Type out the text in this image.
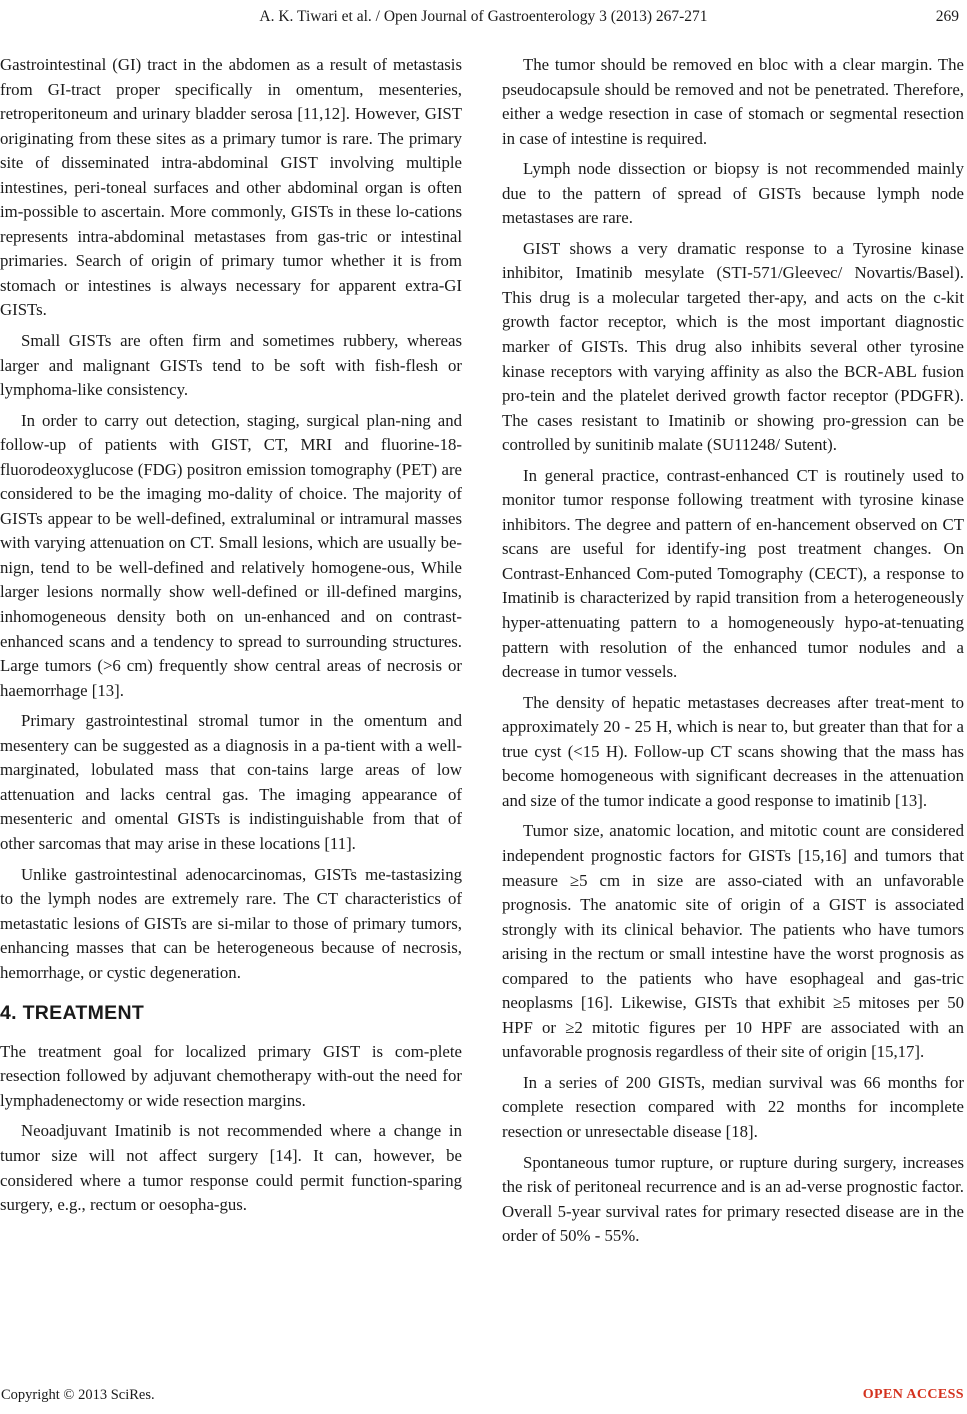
A. K. Tiwari et al. / Open Journal of Gastroenterology 3 (2013) 267-271	269

Gastrointestinal (GI) tract in the abdomen as a result of metastasis from GI-tract proper specifically in omentum, mesenteries, retroperitoneum and urinary bladder serosa [11,12]. However, GIST originating from these sites as a primary tumor is rare. The primary site of disseminated intra-abdominal GIST involving multiple intestines, peri-toneal surfaces and other abdominal organ is often im-possible to ascertain. More commonly, GISTs in these lo-cations represents intra-abdominal metastases from gas-tric or intestinal primaries. Search of origin of primary tumor whether it is from stomach or intestines is always necessary for apparent extra-GI GISTs.

Small GISTs are often firm and sometimes rubbery, whereas larger and malignant GISTs tend to be soft with fish-flesh or lymphoma-like consistency.

In order to carry out detection, staging, surgical plan-ning and follow-up of patients with GIST, CT, MRI and fluorine-18-fluorodeoxyglucose (FDG) positron emission tomography (PET) are considered to be the imaging mo-dality of choice. The majority of GISTs appear to be well-defined, extraluminal or intramural masses with varying attenuation on CT. Small lesions, which are usually be-nign, tend to be well-defined and relatively homogene-ous, While larger lesions normally show well-defined or ill-defined margins, inhomogeneous density both on un-enhanced and on contrast-enhanced scans and a tendency to spread to surrounding structures. Large tumors (>6 cm) frequently show central areas of necrosis or haemorrhage [13].

Primary gastrointestinal stromal tumor in the omentum and mesentery can be suggested as a diagnosis in a pa-tient with a well-marginated, lobulated mass that con-tains large areas of low attenuation and lacks central gas. The imaging appearance of mesenteric and omental GISTs is indistinguishable from that of other sarcomas that may arise in these locations [11].

Unlike gastrointestinal adenocarcinomas, GISTs me-tastasizing to the lymph nodes are extremely rare. The CT characteristics of metastatic lesions of GISTs are si-milar to those of primary tumors, enhancing masses that can be heterogeneous because of necrosis, hemorrhage, or cystic degeneration.

4. TREATMENT

The treatment goal for localized primary GIST is com-plete resection followed by adjuvant chemotherapy with-out the need for lymphadenectomy or wide resection margins.

Neoadjuvant Imatinib is not recommended where a change in tumor size will not affect surgery [14]. It can, however, be considered where a tumor response could permit function-sparing surgery, e.g., rectum or oesopha-gus.

The tumor should be removed en bloc with a clear margin. The pseudocapsule should be removed and not be penetrated. Therefore, either a wedge resection in case of stomach or segmental resection in case of intestine is required.

Lymph node dissection or biopsy is not recommended mainly due to the pattern of spread of GISTs because lymph node metastases are rare.

GIST shows a very dramatic response to a Tyrosine kinase inhibitor, Imatinib mesylate (STI-571/Gleevec/ Novartis/Basel). This drug is a molecular targeted ther-apy, and acts on the c-kit growth factor receptor, which is the most important diagnostic marker of GISTs. This drug also inhibits several other tyrosine kinase receptors with varying affinity as also the BCR-ABL fusion pro-tein and the platelet derived growth factor receptor (PDGFR). The cases resistant to Imatinib or showing pro-gression can be controlled by sunitinib malate (SU11248/ Sutent).

In general practice, contrast-enhanced CT is routinely used to monitor tumor response following treatment with tyrosine kinase inhibitors. The degree and pattern of en-hancement observed on CT scans are useful for identify-ing post treatment changes. On Contrast-Enhanced Com-puted Tomography (CECT), a response to Imatinib is characterized by rapid transition from a heterogeneously hyper-attenuating pattern to a homogeneously hypo-at-tenuating pattern with resolution of the enhanced tumor nodules and a decrease in tumor vessels.

The density of hepatic metastases decreases after treat-ment to approximately 20 - 25 H, which is near to, but greater than that for a true cyst (<15 H). Follow-up CT scans showing that the mass has become homogeneous with significant decreases in the attenuation and size of the tumor indicate a good response to imatinib [13].

Tumor size, anatomic location, and mitotic count are considered independent prognostic factors for GISTs [15,16] and tumors that measure ≥5 cm in size are asso-ciated with an unfavorable prognosis. The anatomic site of origin of a GIST is associated strongly with its clinical behavior. The patients who have tumors arising in the rectum or small intestine have the worst prognosis as compared to the patients who have esophageal and gas-tric neoplasms [16]. Likewise, GISTs that exhibit ≥5 mitoses per 50 HPF or ≥2 mitotic figures per 10 HPF are associated with an unfavorable prognosis regardless of their site of origin [15,17].

In a series of 200 GISTs, median survival was 66 months for complete resection compared with 22 months for incomplete resection or unresectable disease [18].

Spontaneous tumor rupture, or rupture during surgery, increases the risk of peritoneal recurrence and is an ad-verse prognostic factor. Overall 5-year survival rates for primary resected disease are in the order of 50% - 55%.

Copyright © 2013 SciRes.	OPEN ACCESS
